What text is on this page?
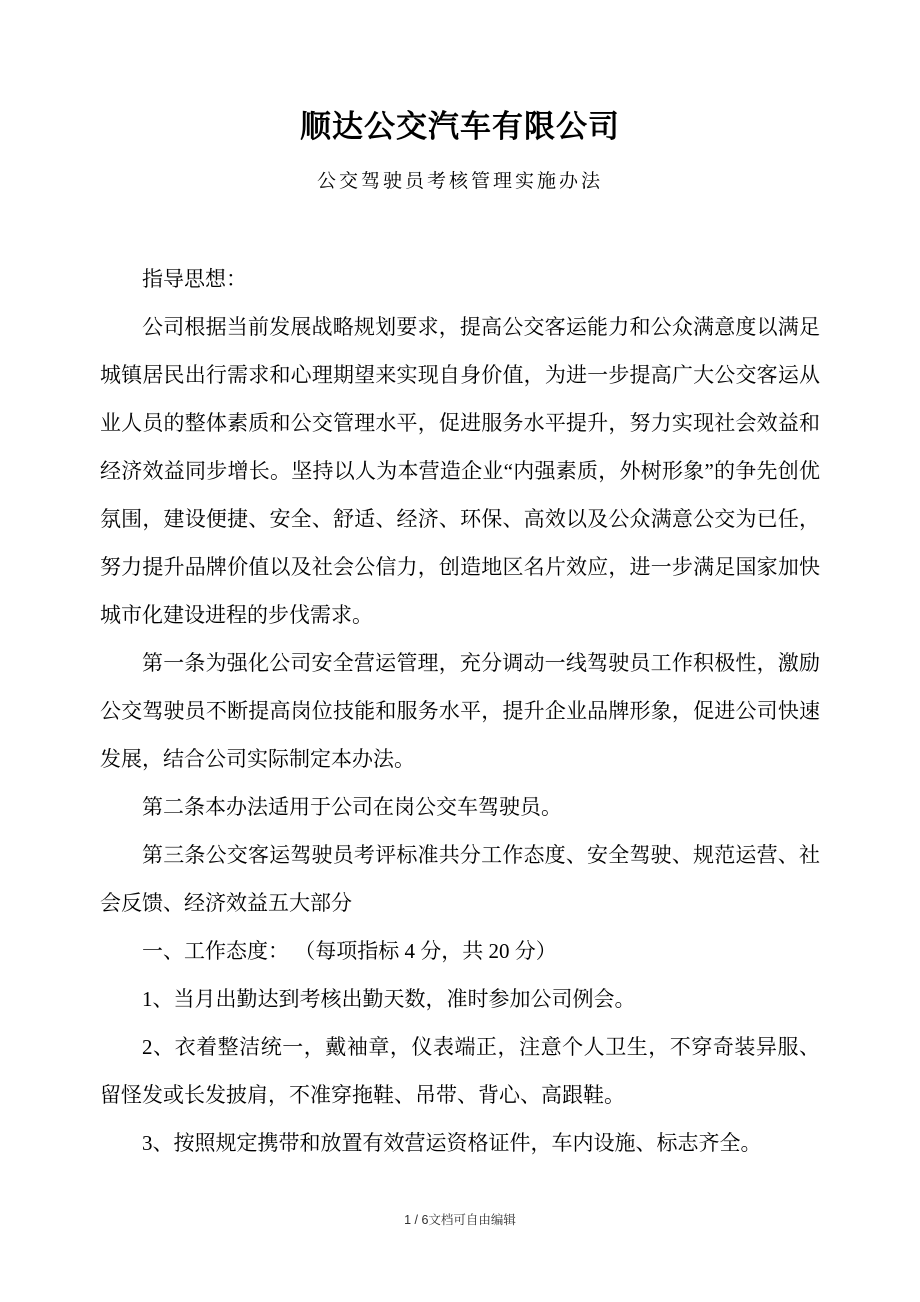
顺达公交汽车有限公司
公交驾驶员考核管理实施办法

指导思想：

公司根据当前发展战略规划要求，提高公交客运能力和公众满意度以满足城镇居民出行需求和心理期望来实现自身价值，为进一步提高广大公交客运从业人员的整体素质和公交管理水平，促进服务水平提升，努力实现社会效益和经济效益同步增长。坚持以人为本营造企业“内强素质，外树形象”的争先创优氛围，建设便捷、安全、舒适、经济、环保、高效以及公众满意公交为已任，努力提升品牌价值以及社会公信力，创造地区名片效应，进一步满足国家加快城市化建设进程的步伐需求。

第一条为强化公司安全营运管理，充分调动一线驾驶员工作积极性，激励公交驾驶员不断提高岗位技能和服务水平，提升企业品牌形象，促进公司快速发展，结合公司实际制定本办法。

第二条本办法适用于公司在岗公交车驾驶员。

第三条公交客运驾驶员考评标准共分工作态度、安全驾驶、规范运营、社会反馈、经济效益五大部分

一、工作态度： （每项指标 4 分，共 20 分）

1、当月出勤达到考核出勤天数，准时参加公司例会。

2、衣着整洁统一，戴袖章，仪表端正，注意个人卫生，不穿奇装异服、留怪发或长发披肩，不准穿拖鞋、吊带、背心、高跟鞋。

3、按照规定携带和放置有效营运资格证件，车内设施、标志齐全。

1 / 6文档可自由编辑
